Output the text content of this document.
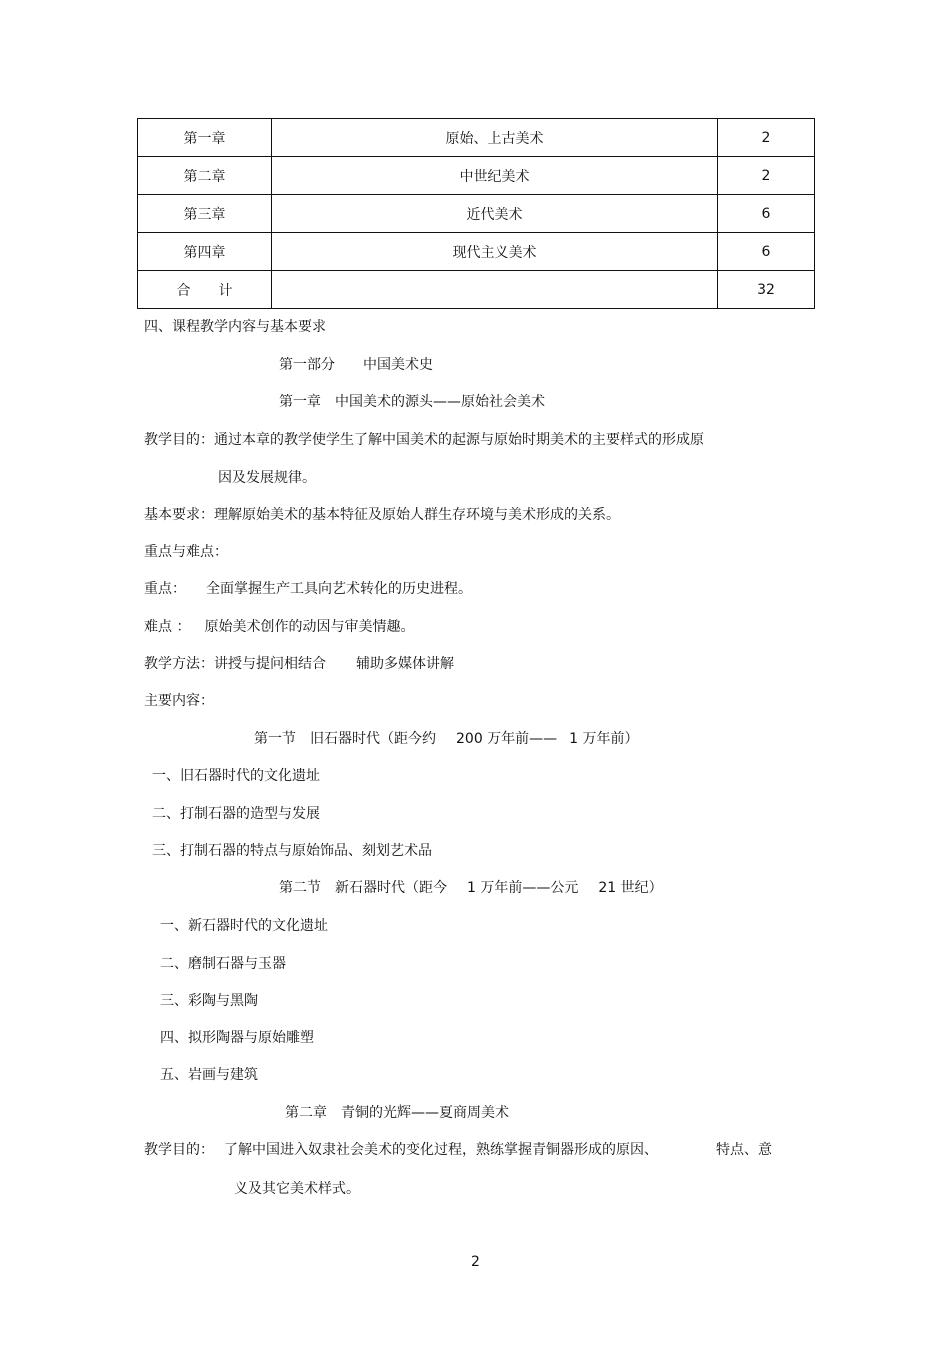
第一章	原始、上古美术	2
第二章	中世纪美术	2
第三章	近代美术	6
第四章	现代主义美术	6
合　　计		32
四、课程教学内容与基本要求
第一部分 中国美术史
第一章 中国美术的源头——原始社会美术
教学目的：通过本章的教学使学生了解中国美术的起源与原始时期美术的主要样式的形成原
因及发展规律。
基本要求：理解原始美术的基本特征及原始人群生存环境与美术形成的关系。
重点与难点：
重点： 全面掌握生产工具向艺术转化的历史进程。
难点 ： 原始美术创作的动因与审美情趣。
教学方法：讲授与提问相结合 辅助多媒体讲解
主要内容：
第一节 旧石器时代（距今约 200 万年前—— 1 万年前）
一、旧石器时代的文化遗址
二、打制石器的造型与发展
三、打制石器的特点与原始饰品、刻划艺术品
第二节 新石器时代（距今 1 万年前——公元 21 世纪）
一、新石器时代的文化遗址
二、磨制石器与玉器
三、彩陶与黑陶
四、拟形陶器与原始雕塑
五、岩画与建筑
第二章 青铜的光辉——夏商周美术
教学目的： 了解中国进入奴隶社会美术的变化过程，熟练掌握青铜器形成的原因、	特点、意
义及其它美术样式。
2
